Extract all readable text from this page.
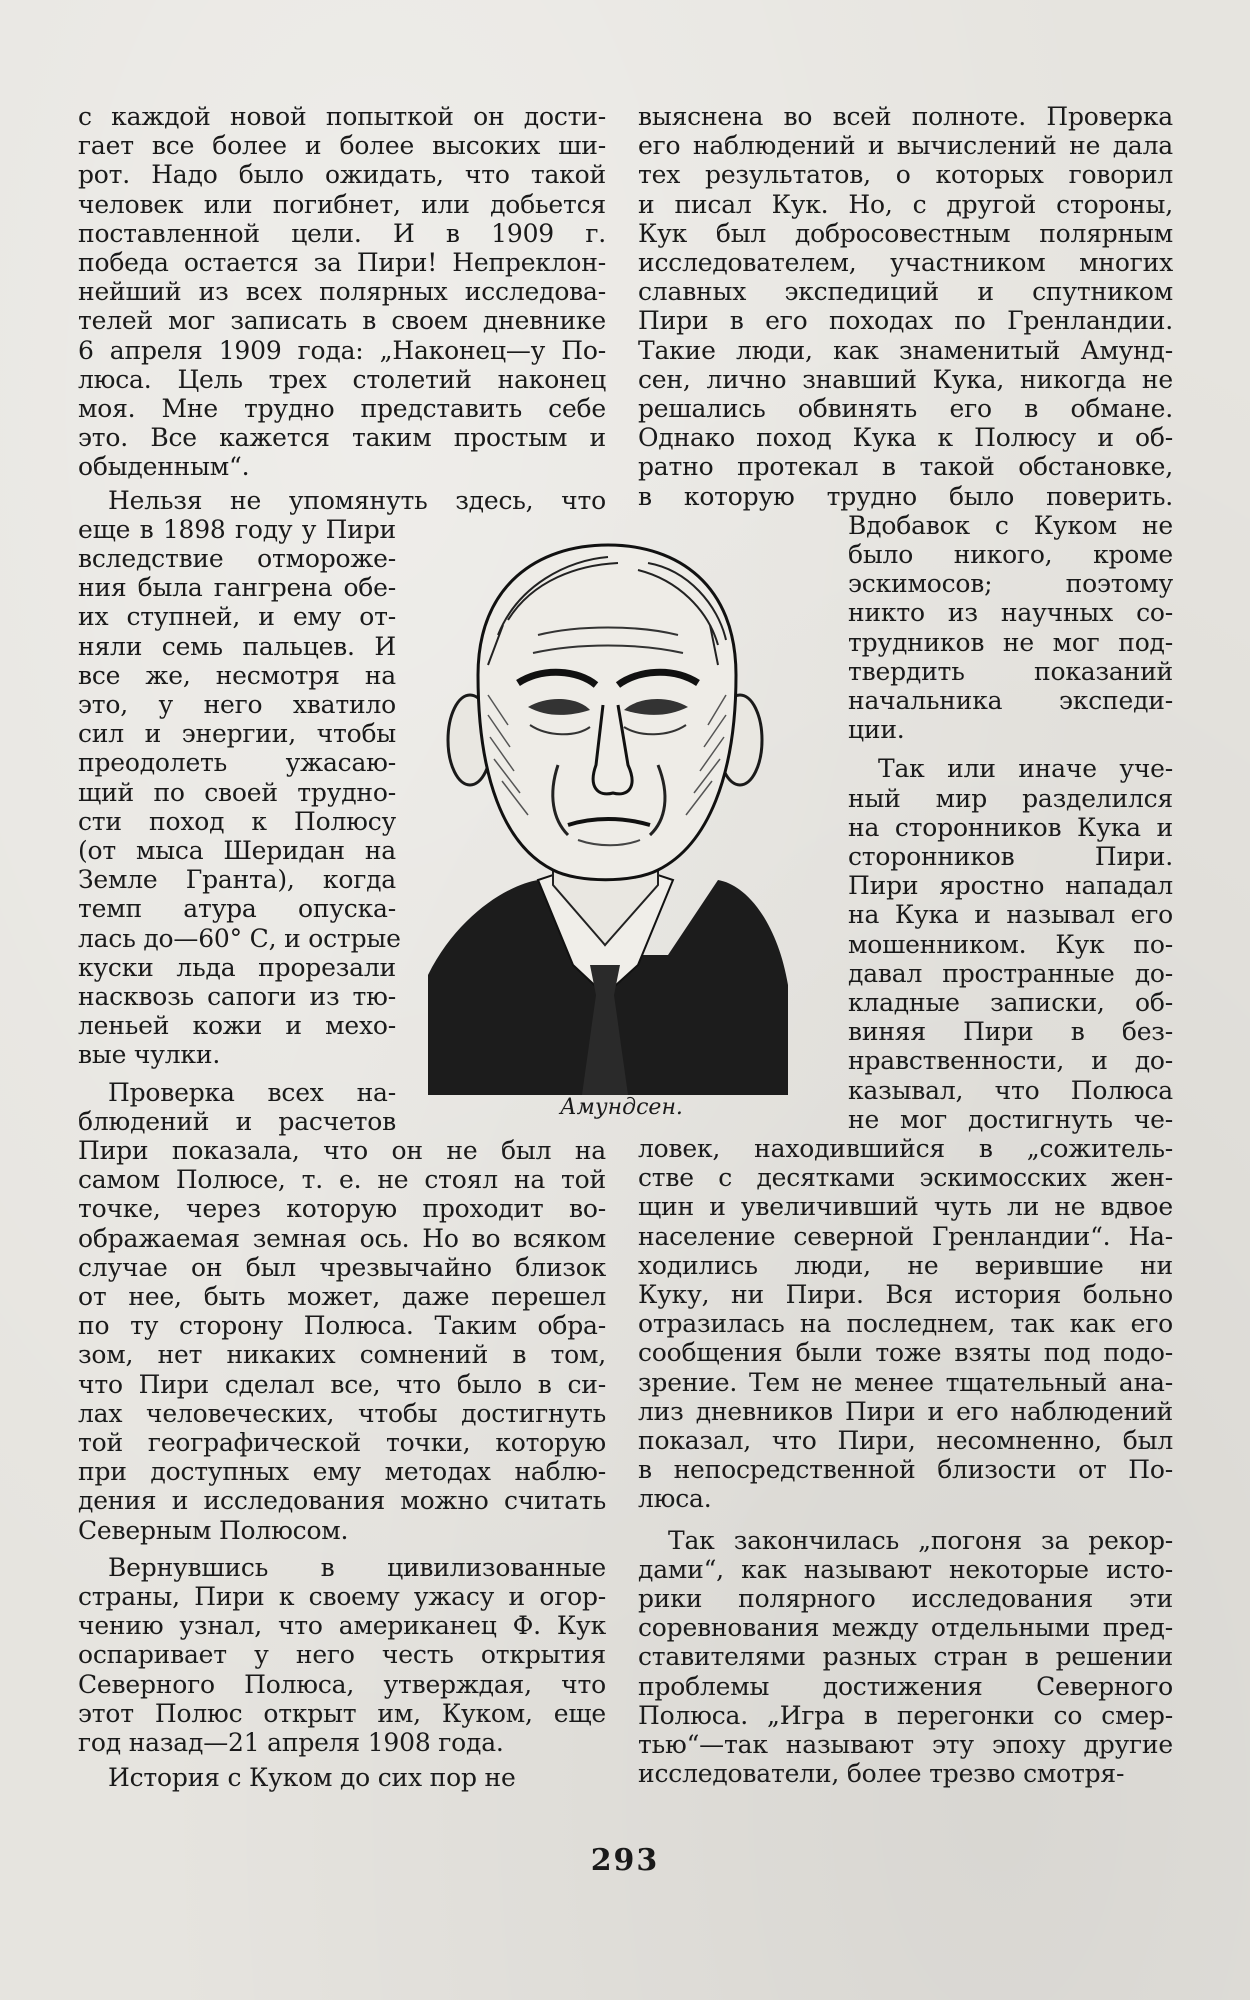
с каждой новой попыткой он дости-

гает все более и более высоких ши-

рот. Надо было ожидать, что такой

человек или погибнет, или добьется

поставленной цели. И в 1909 г.

победа остается за Пири! Непреклон-

нейший из всех полярных исследова-

телей мог записать в своем дневнике

6 апреля 1909 года: „Наконец—у По-

люса. Цель трех столетий наконец

моя. Мне трудно представить себе

это. Все кажется таким простым и

обыденным“.

Нельзя не упомянуть здесь, что

еще в 1898 году у Пири

вследствие отморожe-

ния была гангрена обе-

их ступней, и ему от-

няли семь пальцев. И

все же, несмотря на

это, у него хватило

сил и энергии, чтобы

преодолеть ужасаю-

щий по своей трудно-

сти поход к Полюсу

(от мыса Шеридан на

Земле Гранта), когда

темп атура опуска-

лась до—60° С, и острые

куски льда прорезали

насквозь сапоги из тю-

леньей кожи и меxo-

вые чулки.

Проверка всех на-

блюдений и расчетов

Пири показала, что он не был на

самом Полюсе, т. е. не стоял на той

точке, через которую проходит во-

ображаемая земная ось. Но во всяком

случае он был чрезвычайно близок

от нее, быть может, даже перешел

по ту сторону Полюса. Таким обра-

зом, нет никаких сомнений в том,

что Пири сделал все, что было в си-

лах человеческих, чтобы достигнуть

той географической точки, которую

при доступных ему методах наблю-

дения и исследования можно считать

Северным Полюсом.

Вернувшись в цивилизованные

страны, Пири к своему ужасу и огор-

чению узнал, что американец Ф. Кук

оспаривает у него честь открытия

Северного Полюса, утверждая, что

этот Полюс открыт им, Куком, еще

год назад—21 апреля 1908 года.

История с Куком до сих пор не

выяснена во всей полноте. Проверка

его наблюдений и вычислений не дала

тех результатов, о которых говорил

и писал Кук. Но, с другой стороны,

Кук был добросовестным полярным

исследователем, участником многих

славных экспедиций и спутником

Пири в его походах по Гренландии.

Такие люди, как знаменитый Амунд-

сен, лично знавший Кука, никогда не

решались обвинять его в обмане.

Однако поход Кука к Полюсу и об-

ратно протекал в такой обстановке,

в которую трудно было поверить.

Вдобавок с Куком не

было никого, кроме

эскимосов; поэтому

никто из научных со-

трудников не мог под-

твердить показаний

начальника экспеди-

ции.

Так или иначе уче-

ный мир разделился

на сторонников Кука и

сторонников Пири.

Пири яростно нападал

на Кука и называл его

мошенником. Кук по-

давал пространные до-

кладные записки, об-

виняя Пири в без-

нравственности, и до-

казывал, что Полюса

не мог достигнуть че-

ловек, находившийся в „сожитель-

стве с десятками эскимосских жен-

щин и увеличивший чуть ли не вдвое

население северной Гренландии“. На-

ходились люди, не верившие ни

Куку, ни Пири. Вся история больно

отразилась на последнем, так как его

сообщения были тоже взяты под подо-

зрение. Тем не менее тщательный ана-

лиз дневников Пири и его наблюдений

показал, что Пири, несомненно, был

в непосредственной близости от По-

люса.

Так закончилась „погоня за рекор-

дами“, как называют некоторые исто-

рики полярного исследования эти

соревнования между отдельными пред-

ставителями разных стран в решении

проблемы достижения Северного

Полюса. „Игра в перегонки со смер-

тью“—так называют эту эпоху другие

исследователи, более трезво смотря-

Амундсен.
293
